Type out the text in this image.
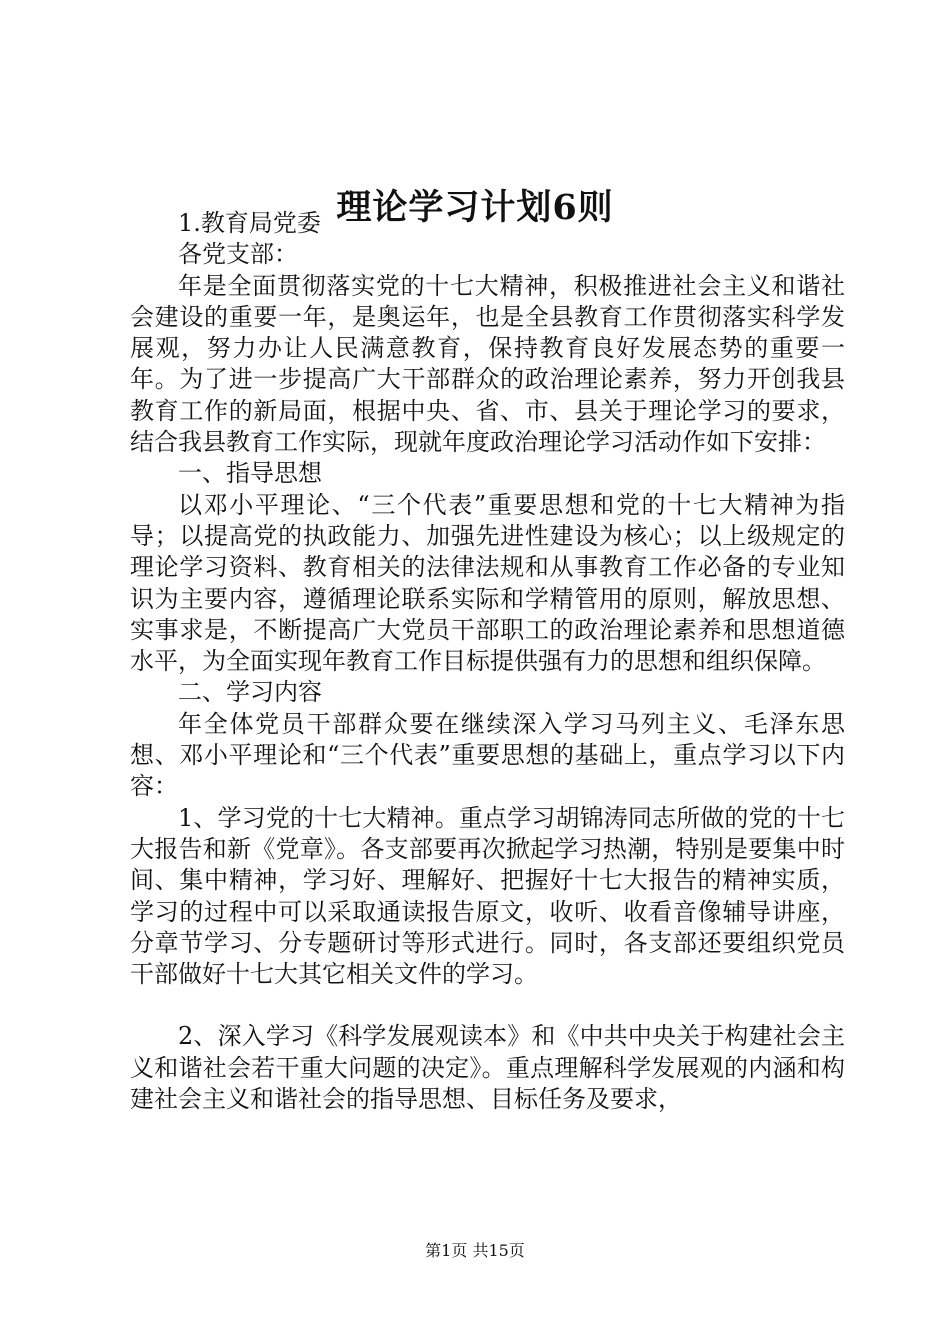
理论学习计划6则

1.教育局党委

各党支部：

年是全面贯彻落实党的十七大精神，积极推进社会主义和谐社会建设的重要一年，是奥运年，也是全县教育工作贯彻落实科学发展观，努力办让人民满意教育，保持教育良好发展态势的重要一年。为了进一步提高广大干部群众的政治理论素养，努力开创我县教育工作的新局面，根据中央、省、市、县关于理论学习的要求，结合我县教育工作实际，现就年度政治理论学习活动作如下安排：

一、指导思想

以邓小平理论、“三个代表”重要思想和党的十七大精神为指导；以提高党的执政能力、加强先进性建设为核心；以上级规定的理论学习资料、教育相关的法律法规和从事教育工作必备的专业知识为主要内容，遵循理论联系实际和学精管用的原则，解放思想、实事求是，不断提高广大党员干部职工的政治理论素养和思想道德水平，为全面实现年教育工作目标提供强有力的思想和组织保障。

二、学习内容

年全体党员干部群众要在继续深入学习马列主义、毛泽东思想、邓小平理论和“三个代表”重要思想的基础上，重点学习以下内容：

1、学习党的十七大精神。重点学习胡锦涛同志所做的党的十七大报告和新《党章》。各支部要再次掀起学习热潮，特别是要集中时间、集中精神，学习好、理解好、把握好十七大报告的精神实质，学习的过程中可以采取通读报告原文，收听、收看音像辅导讲座，分章节学习、分专题研讨等形式进行。同时，各支部还要组织党员干部做好十七大其它相关文件的学习。

2、深入学习《科学发展观读本》和《中共中央关于构建社会主义和谐社会若干重大问题的决定》。重点理解科学发展观的内涵和构建社会主义和谐社会的指导思想、目标任务及要求，

第1页 共15页
